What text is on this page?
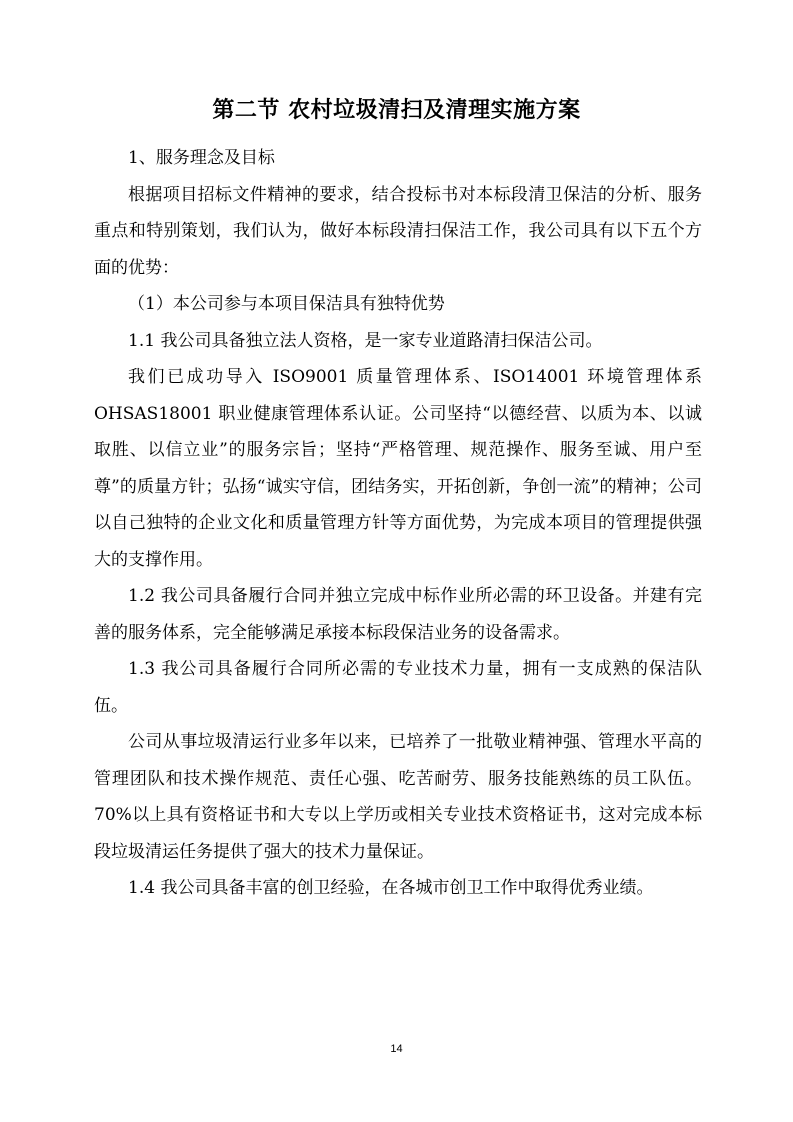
第二节 农村垃圾清扫及清理实施方案

1、服务理念及目标

根据项目招标文件精神的要求，结合投标书对本标段清卫保洁的分析、服务重点和特别策划，我们认为，做好本标段清扫保洁工作，我公司具有以下五个方面的优势：

（1）本公司参与本项目保洁具有独特优势

1.1 我公司具备独立法人资格，是一家专业道路清扫保洁公司。

我们已成功导入 ISO9001 质量管理体系、ISO14001 环境管理体系 OHSAS18001 职业健康管理体系认证。公司坚持“以德经营、以质为本、以诚取胜、以信立业”的服务宗旨；坚持“严格管理、规范操作、服务至诚、用户至尊”的质量方针；弘扬“诚实守信，团结务实，开拓创新，争创一流”的精神；公司以自己独特的企业文化和质量管理方针等方面优势，为完成本项目的管理提供强大的支撑作用。

1.2 我公司具备履行合同并独立完成中标作业所必需的环卫设备。并建有完善的服务体系，完全能够满足承接本标段保洁业务的设备需求。

1.3 我公司具备履行合同所必需的专业技术力量，拥有一支成熟的保洁队伍。

公司从事垃圾清运行业多年以来，已培养了一批敬业精神强、管理水平高的管理团队和技术操作规范、责任心强、吃苦耐劳、服务技能熟练的员工队伍。70%以上具有资格证书和大专以上学历或相关专业技术资格证书，这对完成本标段垃圾清运任务提供了强大的技术力量保证。

1.4 我公司具备丰富的创卫经验，在各城市创卫工作中取得优秀业绩。

14
